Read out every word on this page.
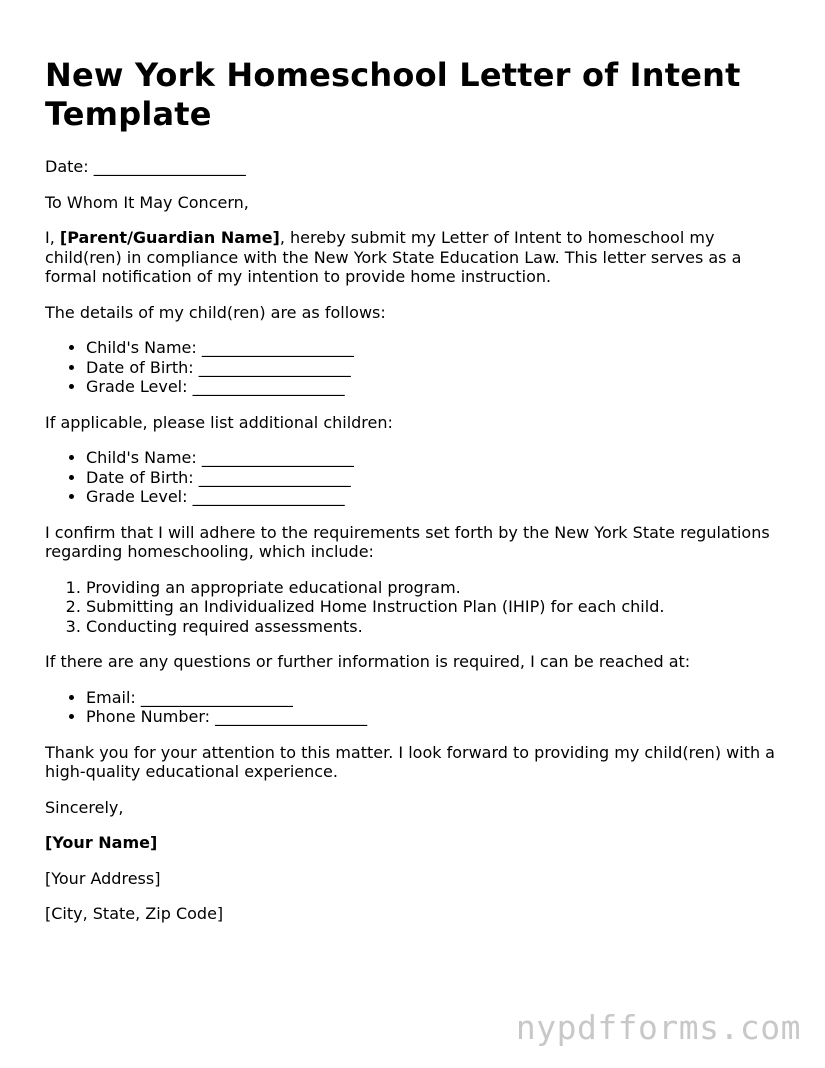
New York Homeschool Letter of Intent Template

Date: ___________________

To Whom It May Concern,

I, [Parent/Guardian Name], hereby submit my Letter of Intent to homeschool my child(ren) in compliance with the New York State Education Law. This letter serves as a formal notification of my intention to provide home instruction.

The details of my child(ren) are as follows:

• Child's Name: ___________________
• Date of Birth: ___________________
• Grade Level: ___________________

If applicable, please list additional children:

• Child's Name: ___________________
• Date of Birth: ___________________
• Grade Level: ___________________

I confirm that I will adhere to the requirements set forth by the New York State regulations regarding homeschooling, which include:

1. Providing an appropriate educational program.
2. Submitting an Individualized Home Instruction Plan (IHIP) for each child.
3. Conducting required assessments.

If there are any questions or further information is required, I can be reached at:

• Email: ___________________
• Phone Number: ___________________

Thank you for your attention to this matter. I look forward to providing my child(ren) with a high-quality educational experience.

Sincerely,

[Your Name]

[Your Address]

[City, State, Zip Code]

nypdfforms.com
